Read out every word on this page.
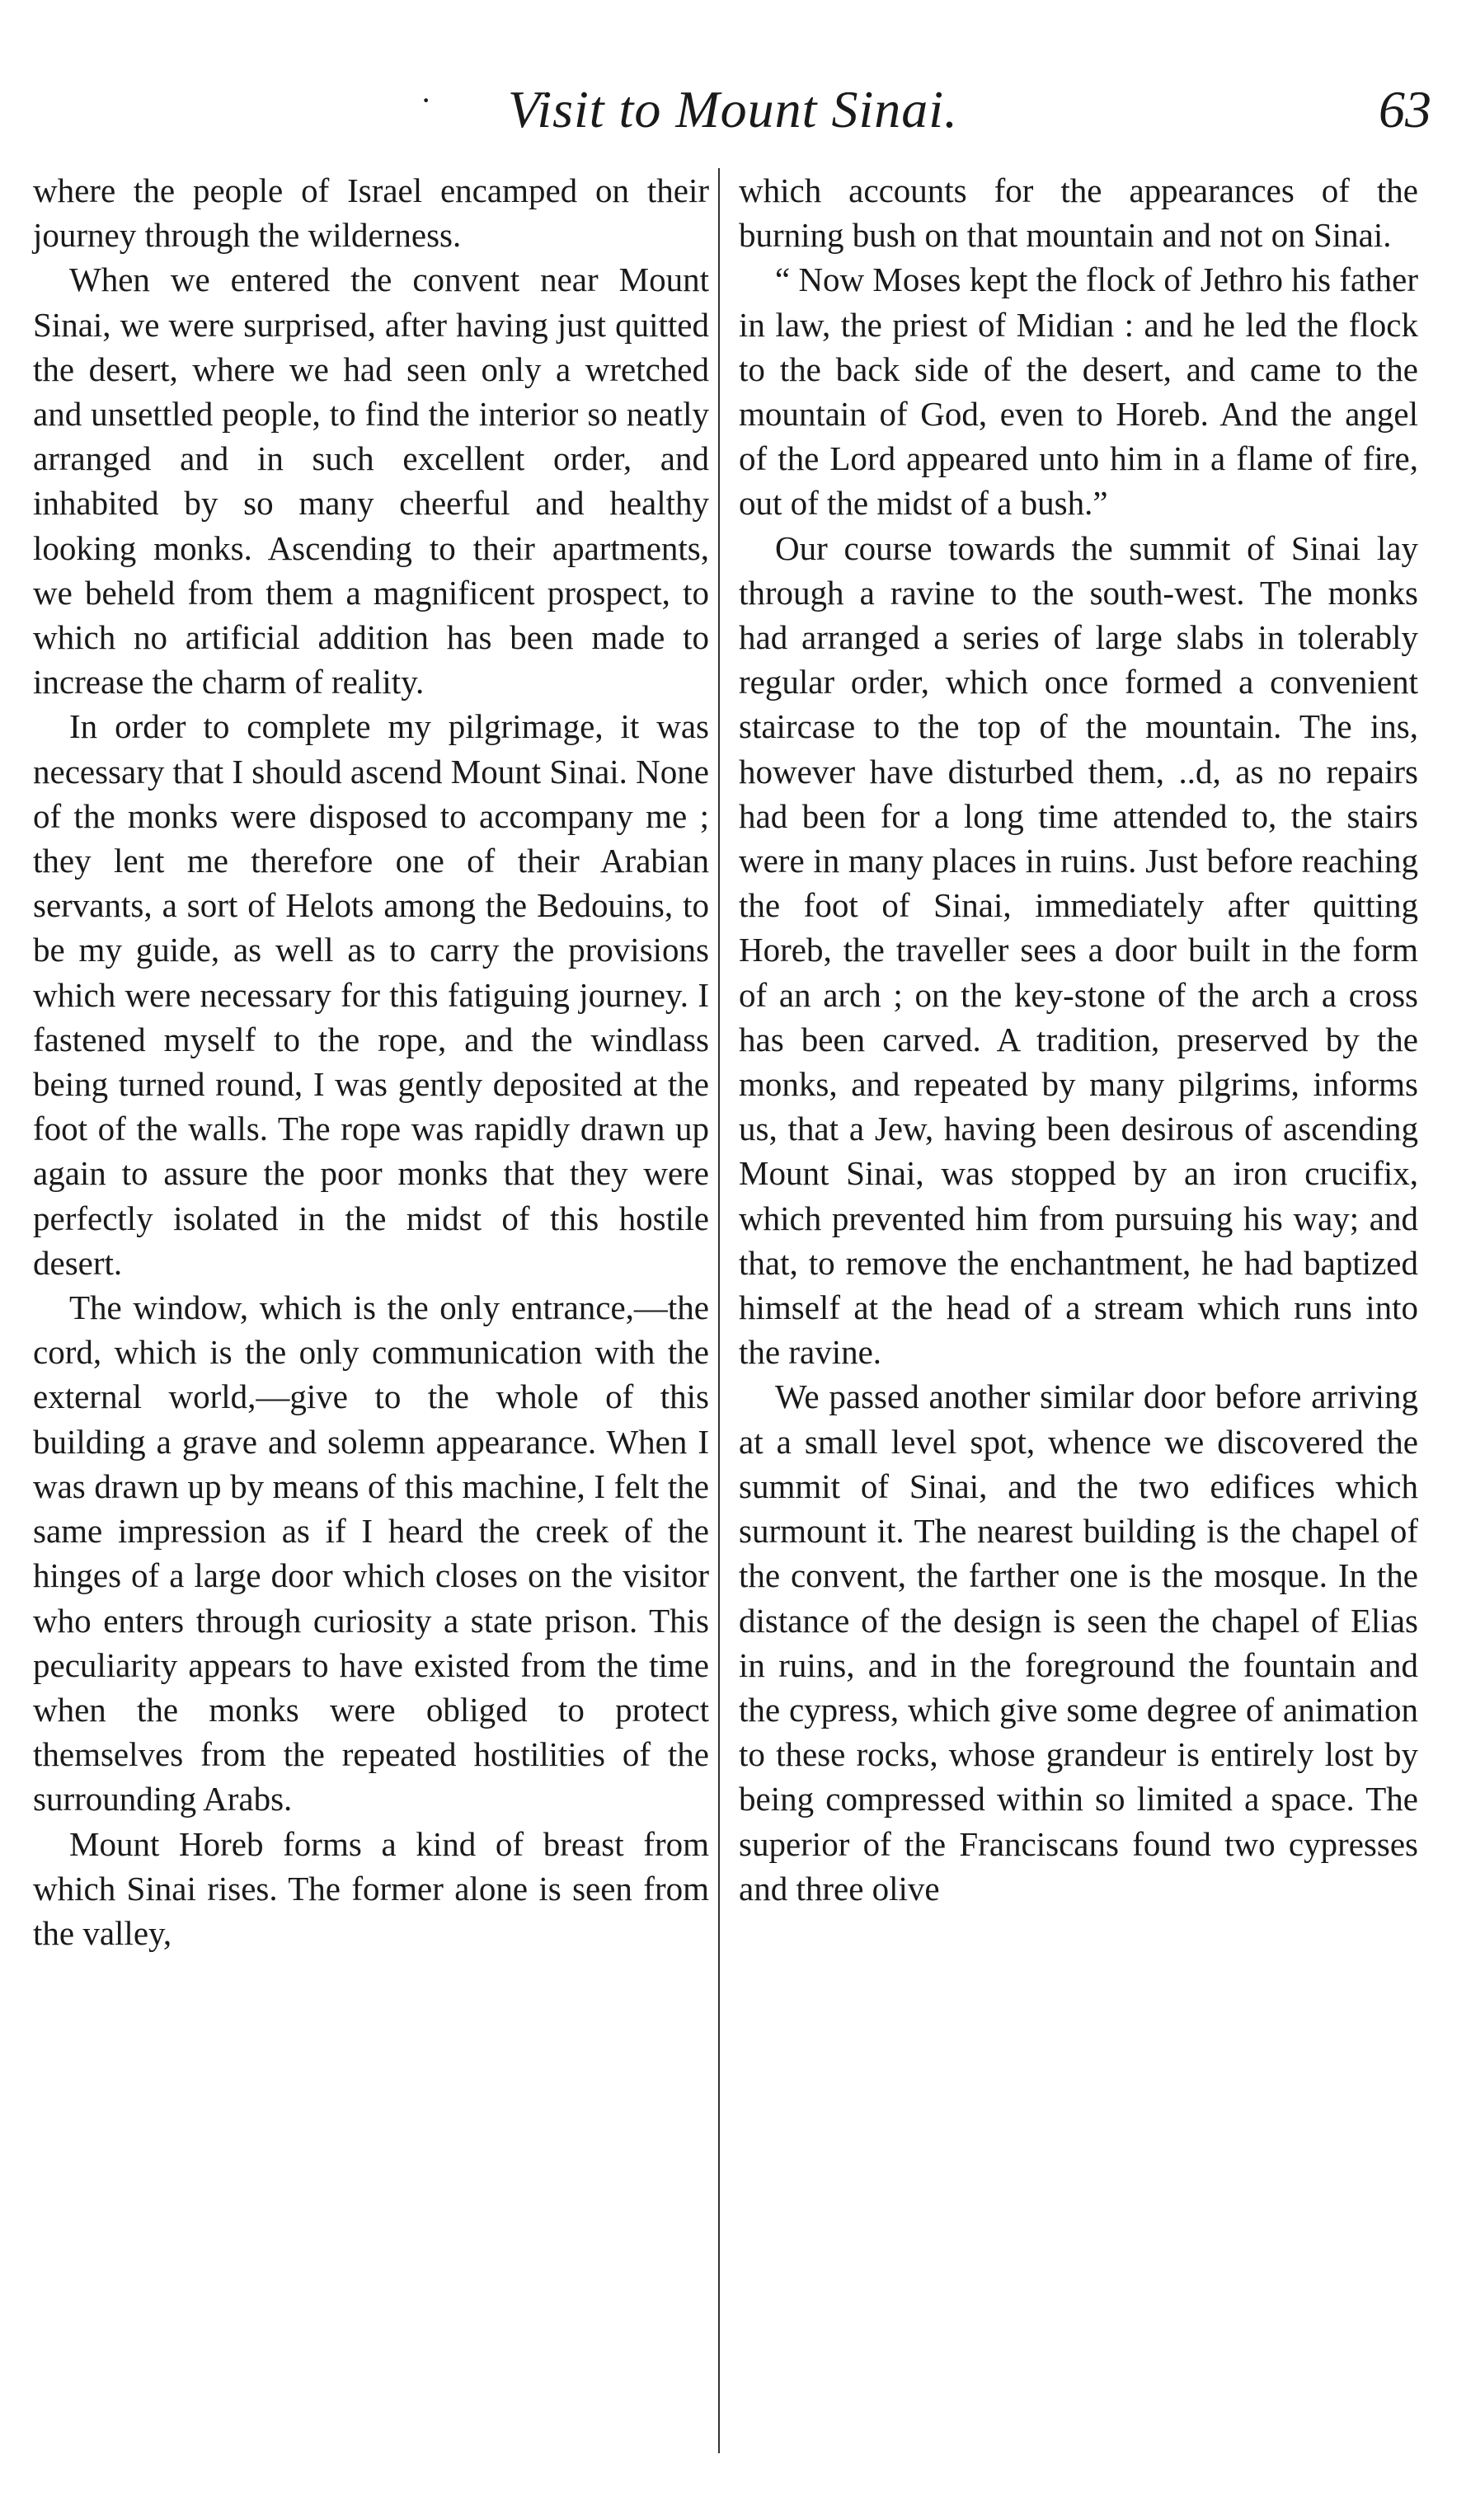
·	Visit to Mount Sinai.	63

where the people of Israel encamped on their journey through the wilderness.

When we entered the convent near Mount Sinai, we were surprised, after having just quitted the desert, where we had seen only a wretched and unsettled people, to find the interior so neatly arranged and in such excellent order, and inhabited by so many cheerful and healthy looking monks. Ascending to their apartments, we beheld from them a magnificent prospect, to which no artificial addition has been made to increase the charm of reality.

In order to complete my pilgrimage, it was necessary that I should ascend Mount Sinai. None of the monks were disposed to accompany me ; they lent me therefore one of their Arabian servants, a sort of Helots among the Bedouins, to be my guide, as well as to carry the provisions which were necessary for this fatiguing journey. I fastened myself to the rope, and the windlass being turned round, I was gently deposited at the foot of the walls. The rope was rapidly drawn up again to assure the poor monks that they were perfectly isolated in the midst of this hostile desert.

The window, which is the only entrance,—the cord, which is the only communication with the external world,—give to the whole of this building a grave and solemn appearance. When I was drawn up by means of this machine, I felt the same impression as if I heard the creek of the hinges of a large door which closes on the visitor who enters through curiosity a state prison. This peculiarity appears to have existed from the time when the monks were obliged to protect themselves from the repeated hostilities of the surrounding Arabs.

Mount Horeb forms a kind of breast from which Sinai rises. The former alone is seen from the valley,

which accounts for the appearances of the burning bush on that mountain and not on Sinai.

“ Now Moses kept the flock of Jethro his father in law, the priest of Midian : and he led the flock to the back side of the desert, and came to the mountain of God, even to Horeb. And the angel of the Lord appeared unto him in a flame of fire, out of the midst of a bush.”

Our course towards the summit of Sinai lay through a ravine to the south-west. The monks had arranged a series of large slabs in tolerably regular order, which once formed a convenient staircase to the top of the mountain. The ins, however have disturbed them, ..d, as no repairs had been for a long time attended to, the stairs were in many places in ruins. Just before reaching the foot of Sinai, immediately after quitting Horeb, the traveller sees a door built in the form of an arch ; on the key-stone of the arch a cross has been carved. A tradition, preserved by the monks, and repeated by many pilgrims, informs us, that a Jew, having been desirous of ascending Mount Sinai, was stopped by an iron crucifix, which prevented him from pursuing his way; and that, to remove the enchantment, he had baptized himself at the head of a stream which runs into the ravine.

We passed another similar door before arriving at a small level spot, whence we discovered the summit of Sinai, and the two edifices which surmount it. The nearest building is the chapel of the convent, the farther one is the mosque. In the distance of the design is seen the chapel of Elias in ruins, and in the foreground the fountain and the cypress, which give some degree of animation to these rocks, whose grandeur is entirely lost by being compressed within so limited a space. The superior of the Franciscans found two cypresses and three olive
